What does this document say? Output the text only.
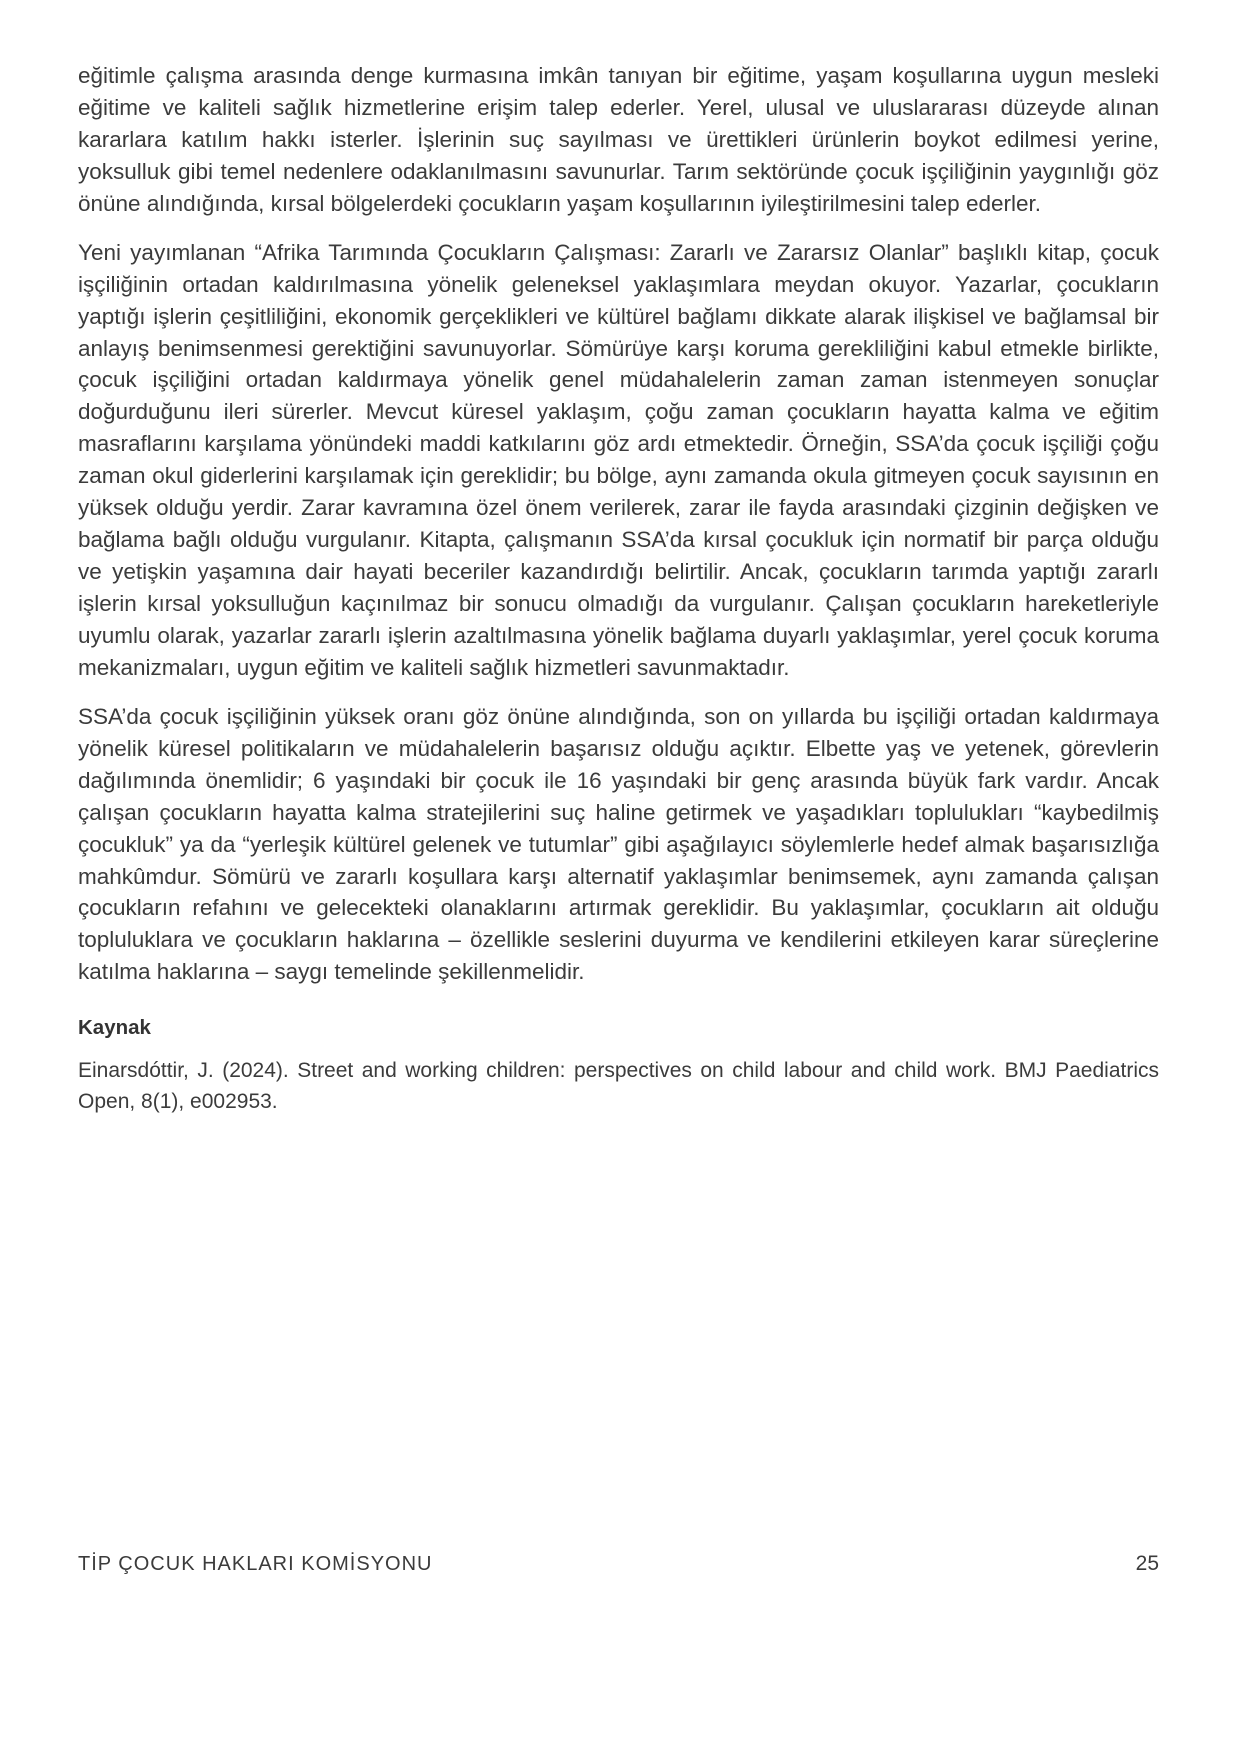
eğitimle çalışma arasında denge kurmasına imkân tanıyan bir eğitime, yaşam koşullarına uygun mesleki eğitime ve kaliteli sağlık hizmetlerine erişim talep ederler. Yerel, ulusal ve uluslararası düzeyde alınan kararlara katılım hakkı isterler. İşlerinin suç sayılması ve ürettikleri ürünlerin boykot edilmesi yerine, yoksulluk gibi temel nedenlere odaklanılmasını savunurlar. Tarım sektöründe çocuk işçiliğinin yaygınlığı göz önüne alındığında, kırsal bölgelerdeki çocukların yaşam koşullarının iyileştirilmesini talep ederler.

Yeni yayımlanan “Afrika Tarımında Çocukların Çalışması: Zararlı ve Zararsız Olanlar” başlıklı kitap, çocuk işçiliğinin ortadan kaldırılmasına yönelik geleneksel yaklaşımlara meydan okuyor. Yazarlar, çocukların yaptığı işlerin çeşitliliğini, ekonomik gerçeklikleri ve kültürel bağlamı dikkate alarak ilişkisel ve bağlamsal bir anlayış benimsenmesi gerektiğini savunuyorlar. Sömürüye karşı koruma gerekliliğini kabul etmekle birlikte, çocuk işçiliğini ortadan kaldırmaya yönelik genel müdahalelerin zaman zaman istenmeyen sonuçlar doğurduğunu ileri sürerler. Mevcut küresel yaklaşım, çoğu zaman çocukların hayatta kalma ve eğitim masraflarını karşılama yönündeki maddi katkılarını göz ardı etmektedir. Örneğin, SSA’da çocuk işçiliği çoğu zaman okul giderlerini karşılamak için gereklidir; bu bölge, aynı zamanda okula gitmeyen çocuk sayısının en yüksek olduğu yerdir. Zarar kavramına özel önem verilerek, zarar ile fayda arasındaki çizginin değişken ve bağlama bağlı olduğu vurgulanır. Kitapta, çalışmanın SSA’da kırsal çocukluk için normatif bir parça olduğu ve yetişkin yaşamına dair hayati beceriler kazandırdığı belirtilir. Ancak, çocukların tarımda yaptığı zararlı işlerin kırsal yoksulluğun kaçınılmaz bir sonucu olmadığı da vurgulanır. Çalışan çocukların hareketleriyle uyumlu olarak, yazarlar zararlı işlerin azaltılmasına yönelik bağlama duyarlı yaklaşımlar, yerel çocuk koruma mekanizmaları, uygun eğitim ve kaliteli sağlık hizmetleri savunmaktadır.

SSA’da çocuk işçiliğinin yüksek oranı göz önüne alındığında, son on yıllarda bu işçiliği ortadan kaldırmaya yönelik küresel politikaların ve müdahalelerin başarısız olduğu açıktır. Elbette yaş ve yetenek, görevlerin dağılımında önemlidir; 6 yaşındaki bir çocuk ile 16 yaşındaki bir genç arasında büyük fark vardır. Ancak çalışan çocukların hayatta kalma stratejilerini suç haline getirmek ve yaşadıkları toplulukları “kaybedilmiş çocukluk” ya da “yerleşik kültürel gelenek ve tutumlar” gibi aşağılayıcı söylemlerle hedef almak başarısızlığa mahkûmdur. Sömürü ve zararlı koşullara karşı alternatif yaklaşımlar benimsemek, aynı zamanda çalışan çocukların refahını ve gelecekteki olanaklarını artırmak gereklidir. Bu yaklaşımlar, çocukların ait olduğu topluluklara ve çocukların haklarına – özellikle seslerini duyurma ve kendilerini etkileyen karar süreçlerine katılma haklarına – saygı temelinde şekillenmelidir.

Kaynak

Einarsdóttir, J. (2024). Street and working children: perspectives on child labour and child work. BMJ Paediatrics Open, 8(1), e002953.

TİP ÇOCUK HAKLARI KOMİSYONU	25
